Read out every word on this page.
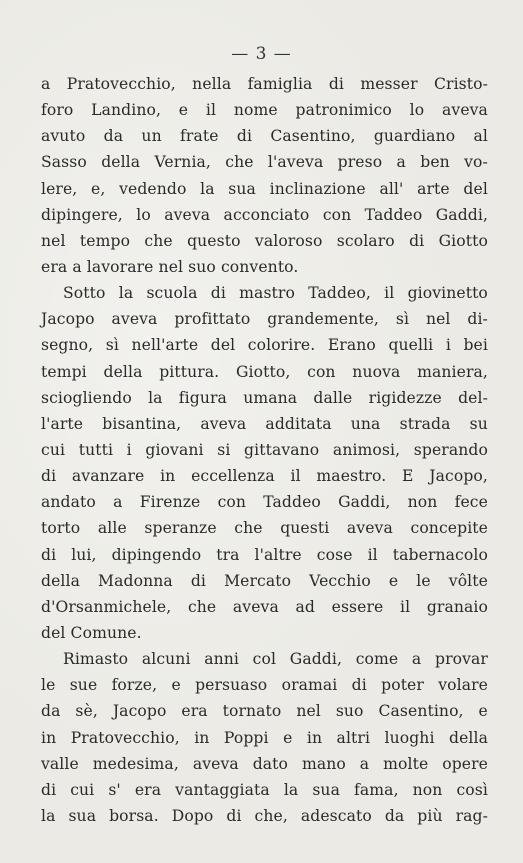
— 3 —
a Pratovecchio, nella famiglia di messer Cristo-
foro Landino, e il nome patronimico lo aveva
avuto da un frate di Casentino, guardiano al
Sasso della Vernia, che l'aveva preso a ben vo-
lere, e, vedendo la sua inclinazione all' arte del
dipingere, lo aveva acconciato con Taddeo Gaddi,
nel tempo che questo valoroso scolaro di Giotto
era a lavorare nel suo convento.
Sotto la scuola di mastro Taddeo, il giovinetto
Jacopo aveva profittato grandemente, sì nel di-
segno, sì nell'arte del colorire. Erano quelli i bei
tempi della pittura. Giotto, con nuova maniera,
sciogliendo la figura umana dalle rigidezze del-
l'arte bisantina, aveva additata una strada su
cui tutti i giovani si gittavano animosi, sperando
di avanzare in eccellenza il maestro. E Jacopo,
andato a Firenze con Taddeo Gaddi, non fece
torto alle speranze che questi aveva concepite
di lui, dipingendo tra l'altre cose il tabernacolo
della Madonna di Mercato Vecchio e le vôlte
d'Orsanmichele, che aveva ad essere il granaio
del Comune.
Rimasto alcuni anni col Gaddi, come a provar
le sue forze, e persuaso oramai di poter volare
da sè, Jacopo era tornato nel suo Casentino, e
in Pratovecchio, in Poppi e in altri luoghi della
valle medesima, aveva dato mano a molte opere
di cui s' era vantaggiata la sua fama, non così
la sua borsa. Dopo di che, adescato da più rag-
